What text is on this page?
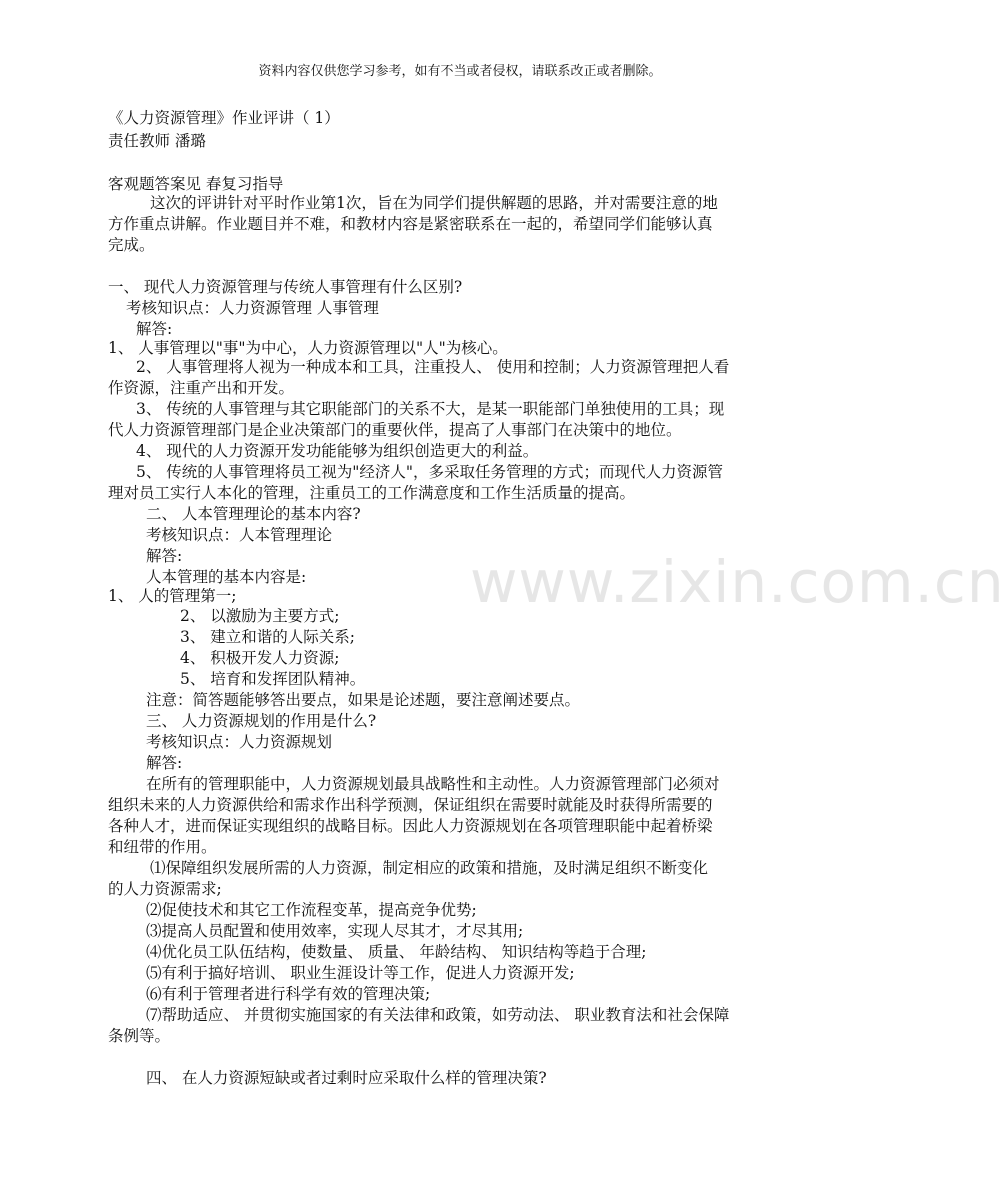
资料内容仅供您学习参考，如有不当或者侵权，请联系改正或者删除。
www.zixin.com.cn
《人力资源管理》作业评讲（ 1）
责任教师 潘璐
客观题答案见 春复习指导
这次的评讲针对平时作业第1次，旨在为同学们提供解题的思路，并对需要注意的地
方作重点讲解。作业题目并不难，和教材内容是紧密联系在一起的，希望同学们能够认真
完成。
一、 现代人力资源管理与传统人事管理有什么区别?
考核知识点：人力资源管理 人事管理
解答:
1、 人事管理以"事"为中心，人力资源管理以"人"为核心。
2、 人事管理将人视为一种成本和工具，注重投人、 使用和控制；人力资源管理把人看
作资源，注重产出和开发。
3、 传统的人事管理与其它职能部门的关系不大，是某一职能部门单独使用的工具；现
代人力资源管理部门是企业决策部门的重要伙伴，提高了人事部门在决策中的地位。
4、 现代的人力资源开发功能能够为组织创造更大的利益。
5、 传统的人事管理将员工视为"经济人"，多采取任务管理的方式；而现代人力资源管
理对员工实行人本化的管理，注重员工的工作满意度和工作生活质量的提高。
二、 人本管理理论的基本内容?
考核知识点：人本管理理论
解答:
人本管理的基本内容是:
1、 人的管理第一;
2、 以激励为主要方式;
3、 建立和谐的人际关系;
4、 积极开发人力资源;
5、 培育和发挥团队精神。
注意：简答题能够答出要点，如果是论述题，要注意阐述要点。
三、 人力资源规划的作用是什么?
考核知识点：人力资源规划
解答:
在所有的管理职能中，人力资源规划最具战略性和主动性。人力资源管理部门必须对
组织未来的人力资源供给和需求作出科学预测，保证组织在需要时就能及时获得所需要的
各种人才，进而保证实现组织的战略目标。因此人力资源规划在各项管理职能中起着桥梁
和纽带的作用。
⑴保障组织发展所需的人力资源，制定相应的政策和措施，及时满足组织不断变化
的人力资源需求;
⑵促使技术和其它工作流程变革，提高竞争优势;
⑶提高人员配置和使用效率，实现人尽其才，才尽其用;
⑷优化员工队伍结构，使数量、 质量、 年龄结构、 知识结构等趋于合理;
⑸有利于搞好培训、 职业生涯设计等工作，促进人力资源开发;
⑹有利于管理者进行科学有效的管理决策;
⑺帮助适应、 并贯彻实施国家的有关法律和政策，如劳动法、 职业教育法和社会保障
条例等。
四、 在人力资源短缺或者过剩时应采取什么样的管理决策?
